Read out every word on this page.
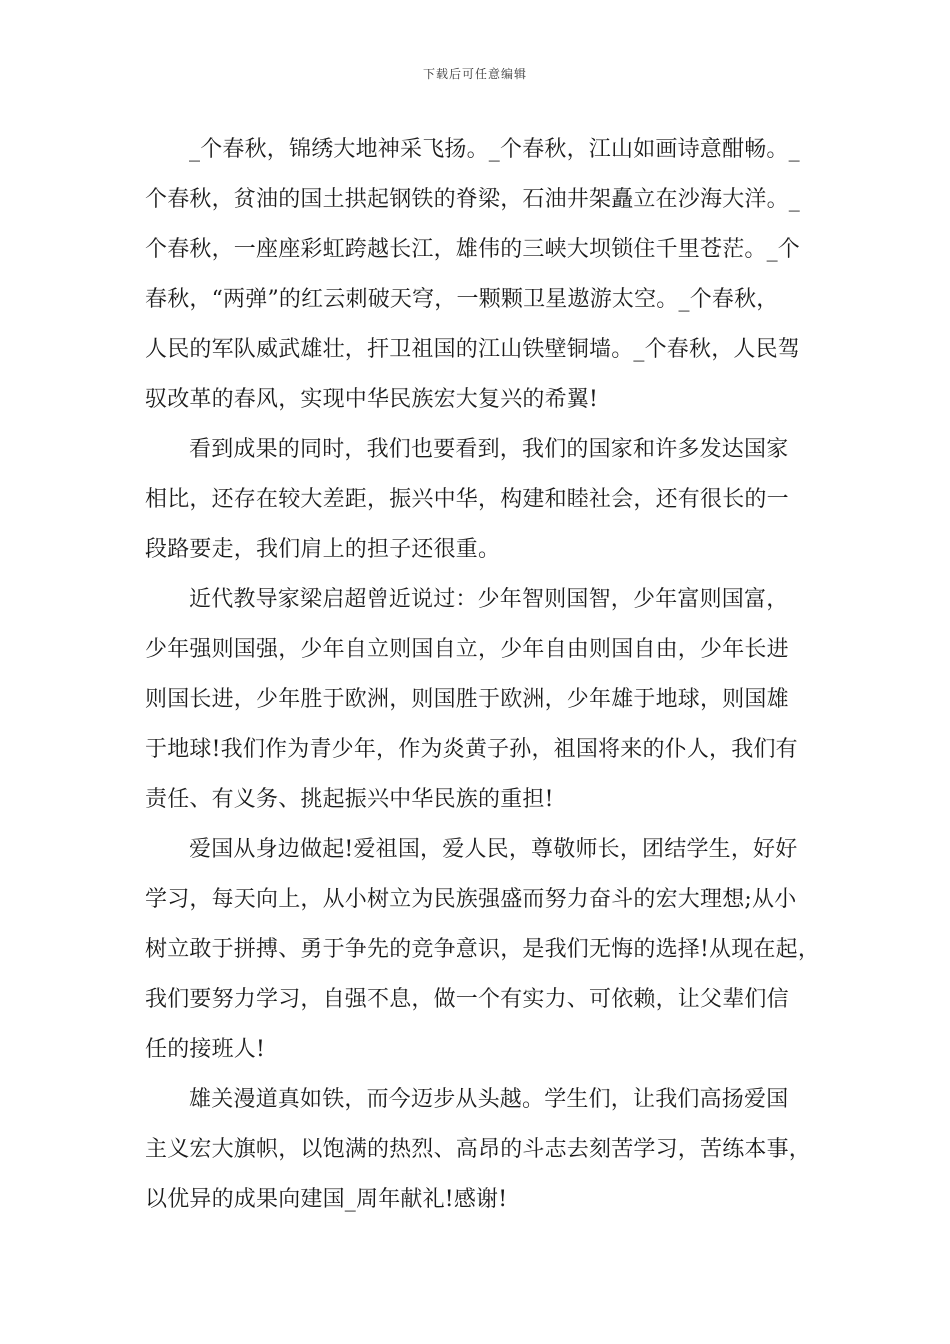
下载后可任意编辑
_个春秋，锦绣大地神采飞扬。_个春秋，江山如画诗意酣畅。_
个春秋，贫油的国土拱起钢铁的脊梁，石油井架矗立在沙海大洋。_
个春秋，一座座彩虹跨越长江，雄伟的三峡大坝锁住千里苍茫。_个
春秋，“两弹”的红云刺破天穹，一颗颗卫星遨游太空。_个春秋，
人民的军队威武雄壮，扞卫祖国的江山铁壁铜墙。_个春秋，人民驾
驭改革的春风，实现中华民族宏大复兴的希翼!
看到成果的同时，我们也要看到，我们的国家和许多发达国家
相比，还存在较大差距，振兴中华，构建和睦社会，还有很长的一
段路要走，我们肩上的担子还很重。
近代教导家梁启超曾近说过：少年智则国智，少年富则国富，
少年强则国强，少年自立则国自立，少年自由则国自由，少年长进
则国长进，少年胜于欧洲，则国胜于欧洲，少年雄于地球，则国雄
于地球!我们作为青少年，作为炎黄子孙，祖国将来的仆人，我们有
责任、有义务、挑起振兴中华民族的重担!
爱国从身边做起!爱祖国，爱人民，尊敬师长，团结学生，好好
学习，每天向上，从小树立为民族强盛而努力奋斗的宏大理想;从小
树立敢于拼搏、勇于争先的竞争意识，是我们无悔的选择!从现在起，
我们要努力学习，自强不息，做一个有实力、可依赖，让父辈们信
任的接班人!
雄关漫道真如铁，而今迈步从头越。学生们，让我们高扬爱国
主义宏大旗帜，以饱满的热烈、高昂的斗志去刻苦学习，苦练本事，
以优异的成果向建国_周年献礼!感谢!
